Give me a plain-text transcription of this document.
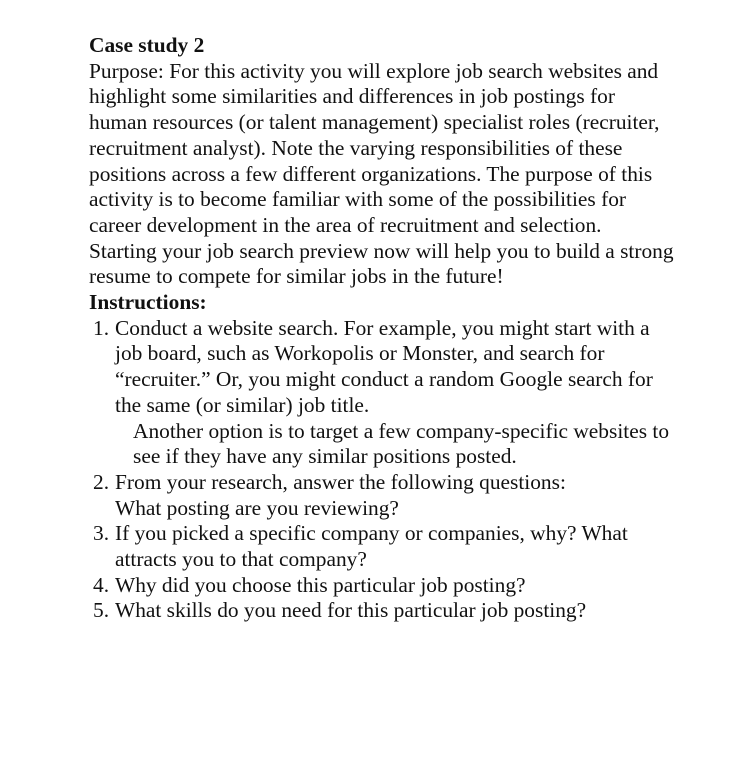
Case study 2

Purpose: For this activity you will explore job search websites and highlight some similarities and differences in job postings for human resources (or talent management) specialist roles (recruiter, recruitment analyst). Note the varying responsibilities of these positions across a few different organizations. The purpose of this activity is to become familiar with some of the possibilities for career development in the area of recruitment and selection. Starting your job search preview now will help you to build a strong resume to compete for similar jobs in the future!

Instructions:
1. Conduct a website search. For example, you might start with a job board, such as Workopolis or Monster, and search for “recruiter.” Or, you might conduct a random Google search for the same (or similar) job title.
Another option is to target a few company-specific websites to see if they have any similar positions posted.
2. From your research, answer the following questions:
What posting are you reviewing?
3. If you picked a specific company or companies, why? What attracts you to that company?
4. Why did you choose this particular job posting?
5. What skills do you need for this particular job posting?
